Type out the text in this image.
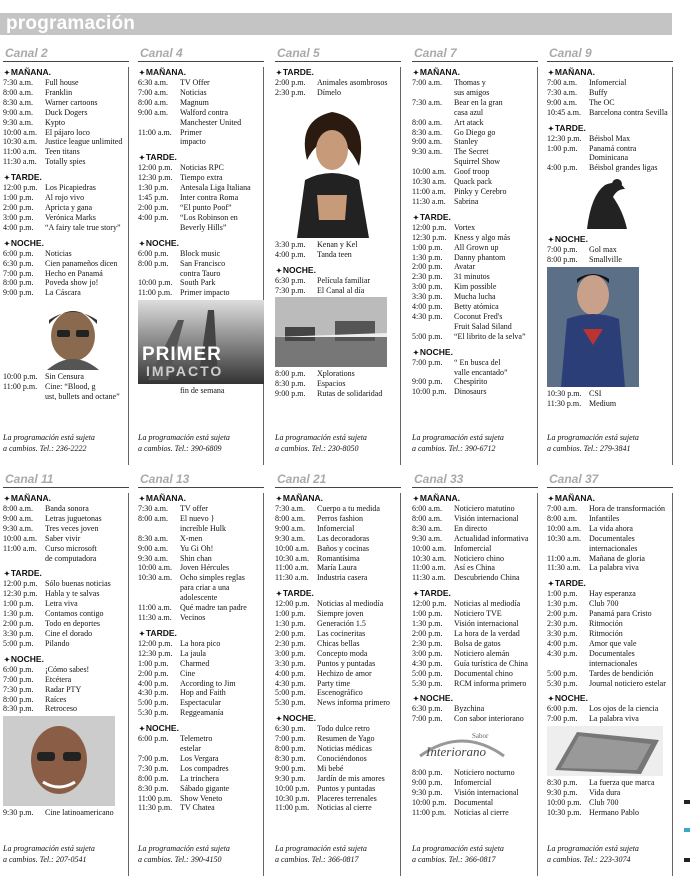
programación
Canal 2
✦MAÑANA.
7:30 a.m.	Full house
8:00 a.m.	Franklin
8:30 a.m.	Warner cartoons
9:00 a.m.	Duck Dogers
9:30 a.m.	Kypto
10:00 a.m.	El pájaro loco
10:30 a.m.	Justice league unlimited
11:00 a.m.	Teen titans
11:30 a.m.	Totally spies
✦TARDE.
12:00 p.m. Los Picapiedras
1:00 p.m.	Al rojo vivo
2:00 p.m.	Apricta y gana
3:00 p.m.	Verónica Marks
4:00 p.m.	“A fairy tale true story”
✦NOCHE.
6:00 p.m.	Noticias
6:30 p.m.	Cien panameños dicen
7:00 p.m.	Hecho en Panamá
8:00 p.m.	Poveda show jo!
9:00 p.m.	La Cáscara
10:00 p.m. Sin Censura
11:00 p.m. Cine: “Blood, g
ust, bullets and octane”
La programación está sujeta
a cambios. Tel.: 236-2222
Canal 4
✦MAÑANA.
6:30 a.m.	TV Offer
7:00 a.m.	Noticias
8:00 a.m.	Magnum
9:00 a.m.	Walford contra
Manchester United
11:00 a.m.	Primer
impacto
✦TARDE.
12:00 p.m. Noticias RPC
12:30 p.m. Tiempo extra
1:30 p.m.	Antesala Liga Italiana
1:45 p.m.	Inter contra Roma
2:00 p.m.	“El punto Poof”
4:00 p.m.	“Los Robinson en
Beverly Hills”
✦NOCHE.
6:00 p.m.	Block music
8:00 p.m.	San Francisco
contra Tauro
10:00 p.m. South Park
11:00 p.m. Primer impacto
PRIMER
IMPACTO
fin de semana
La programación está sujeta
a cambios. Tel.: 390-6809
Canal 5
✦TARDE.
2:00 p.m.	Animales asombrosos
2:30 p.m.	Dímelo
3:30 p.m.	Kenan y Kel
4:00 p.m.	Tanda teen
✦NOCHE.
6:30 p.m.	Película familiar
7:30 p.m.	El Canal al día
8:00 p.m.	Xplorations
8:30 p.m.	Espacios
9:00 p.m.	Rutas de solidaridad
La programación está sujeta
a cambios. Tel.: 230-8050
Canal 7
✦MAÑANA.
7:00 a.m.	Thomas y
sus amigos
7:30 a.m.	Bear en la gran
casa azul
8:00 a.m.	Art atack
8:30 a.m.	Go Diego go
9:00 a.m.	Stanley
9:30 a.m.	The Secret
Squirrel Show
10:00 a.m.	Goof troop
10:30 a.m.	Quack pack
11:00 a.m.	Pinky y Cerebro
11:30 a.m.	Sabrina
✦TARDE.
12:00 p.m. Vortex
12:30 p.m. Kness y algo más
1:00 p.m.	All Grown up
1:30 p.m.	Danny phantom
2:00 p.m.	Avatar
2:30 p.m.	31 minutos
3:00 p.m.	Kim possible
3:30 p.m.	Mucha lucha
4:00 p.m.	Betty atómica
4:30 p.m.	Coconut Fred's
Fruit Salad Siland
5:00 p.m.	“El librito de la selva”
✦NOCHE.
7:00 p.m.	“ En busca del
valle encantado”
9:00 p.m.	Chespirito
10:00 p.m. Dinosaurs
La programación está sujeta
a cambios. Tel.: 390-6712
Canal 9
✦MAÑANA.
7:00 a.m.	Infomercial
7:30 a.m.	Buffy
9:00 a.m.	The OC
10:45 a.m.	Barcelona contra Sevilla
✦TARDE.
12:30 p.m. Béisbol Max
1:00 p.m.	Panamá contra
Dominicana
4:00 p.m.	Béisbol grandes ligas
✦NOCHE.
7:00 p.m.	Gol max
8:00 p.m.	Smallville
10:30 p.m. CSI
11:30 p.m. Medium
La programación está sujeta
a cambios. Tel.: 279-3841
Canal 11
✦MAÑANA.
8:00 a.m.	Banda sonora
9:00 a.m.	Letras juguetonas
9:30 a.m.	Tres veces joven
10:00 a.m.	Saber vivir
11:00 a.m.	Curso microsoft
de computadora
✦TARDE.
12:00 p.m. Sólo buenas noticias
12:30 p.m. Habla y te salvas
1:00 p.m.	Letra viva
1:30 p.m.	Contamos contigo
2:00 p.m.	Todo en deportes
3:30 p.m.	Cine el dorado
5:00 p.m.	Pilando
✦NOCHE.
6:00 p.m.	¡Cómo sabes!
7:00 p.m.	Etcétera
7:30 p.m.	Radar PTY
8:00 p.m.	Raíces
8:30 p.m.	Retroceso
9:30 p.m.	Cine latinoamericano
La programación está sujeta
a cambios. Tel.: 207-0541
Canal 13
✦MAÑANA.
7:30 a.m.	TV offer
8:00 a.m.	El nuevo }
increíble Hulk
8:30 a.m.	X-men
9:00 a.m.	Yu Gi Oh!
9:30 a.m.	Shin chan
10:00 a.m.	Joven Hércules
10:30 a.m.	Ocho simples reglas
para criar a una
adolescente
11:00 a.m.	Qué madre tan padre
11:30 a.m.	Vecinos
✦TARDE.
12:00 p.m. La hora pico
12:30 p.m. La jaula
1:00 p.m.	Charmed
2:00 p.m.	Cine
4:00 p.m.	According to Jim
4:30 p.m.	Hop and Faith
5:00 p.m.	Espectacular
5:30 p.m.	Reggeamanía
✦NOCHE.
6:00 p.m.	Telemetro
estelar
7:00 p.m.	Los Vergara
7:30 p.m.	Los compadres
8:00 p.m.	La trinchera
8:30 p.m.	Sábado gigante
11:00 p.m. Show Veneto
11:30 p.m. TV Chatea
La programación está sujeta
a cambios. Tel.: 390-4150
Canal 21
✦MAÑANA.
7:30 a.m.	Cuerpo a tu medida
8:00 a.m.	Perros fashion
9:00 a.m.	Infomercial
9:30 a.m.	Las decoradoras
10:00 a.m.	Baños y cocinas
10:30 a.m.	Romantísima
11:00 a.m.	María Laura
11:30 a.m.	Industria casera
✦TARDE.
12:00 p.m. Noticias al mediodía
1:00 p.m.	Siempre joven
1:30 p.m.	Generación 1.5
2:00 p.m.	Las cocineritas
2:30 p.m.	Chicas bellas
3:00 p.m.	Concepto moda
3:30 p.m.	Puntos y puntadas
4:00 p.m.	Hechizo de amor
4:30 p.m.	Party time
5:00 p.m.	Escenográfico
5:30 p.m.	News informa primero
✦NOCHE.
6:30 p.m.	Todo dulce retro
7:00 p.m.	Resumen de Yago
8:00 p.m.	Noticias médicas
8:30 p.m.	Conociéndonos
9:00 p.m.	Mi bebé
9:30 p.m.	Jardín de mis amores
10:00 p.m. Puntos y puntadas
10:30 p.m. Placeres terrenales
11:00 p.m. Noticias al cierre
La programación está sujeta
a cambios. Tel.: 366-0817
Canal 33
✦MAÑANA.
6:00 a.m.	Noticiero matutino
8:00 a.m.	Visión internacional
8:30 a.m.	En directo
9:30 a.m.	Actualidad informativa
10:00 a.m.	Infomercial
10:30 a.m.	Noticiero chino
11:00 a.m.	Así es China
11:30 a.m.	Descubriendo China
✦TARDE.
12:00 p.m. Noticias al mediodía
1:00 p.m.	Noticiero TVE
1:30 p.m.	Visión internacional
2:00 p.m.	La hora de la verdad
2:30 p.m.	Bolsa de gatos
3:00 p.m.	Noticiero alemán
4:30 p.m.	Guía turística de China
5:00 p.m.	Documental chino
5:30 p.m.	RCM informa primero
✦NOCHE.
6:30 p.m.	Byzchina
7:00 p.m.	Con sabor interiorano
Interiorano
Sabor
8:00 p.m.	Noticiero nocturno
9:00 p.m.	Infomercial
9:30 p.m.	Visión internacional
10:00 p.m. Documental
11:00 p.m. Noticias al cierre
La programación está sujeta
a cambios. Tel.: 366-0817
Canal 37
✦MAÑANA.
7:00 a.m.	Hora de transformación
8:00 a.m.	Infantiles
10:00 a.m.	La vida ahora
10:30 a.m.	Documentales
internacionales
11:00 a.m.	Mañana de gloria
11:30 a.m.	La palabra viva
✦TARDE.
1:00 p.m.	Hay esperanza
1:30 p.m.	Club 700
2:00 p.m.	Panamá para Cristo
2:30 p.m.	Ritmoción
3:30 p.m.	Ritmoción
4:00 p.m.	Amor que vale
4:30 p.m.	Documentales
internacionales
5:00 p.m.	Tardes de bendición
5:30 p.m.	Journal noticiero estelar
✦NOCHE.
6:00 p.m.	Los ojos de la ciencia
7:00 p.m.	La palabra viva
8:30 p.m.	La fuerza que marca
9:30 p.m.	Vida dura
10:00 p.m. Club 700
10:30 p.m. Hermano Pablo
La programación está sujeta
a cambios. Tel.: 223-3074
